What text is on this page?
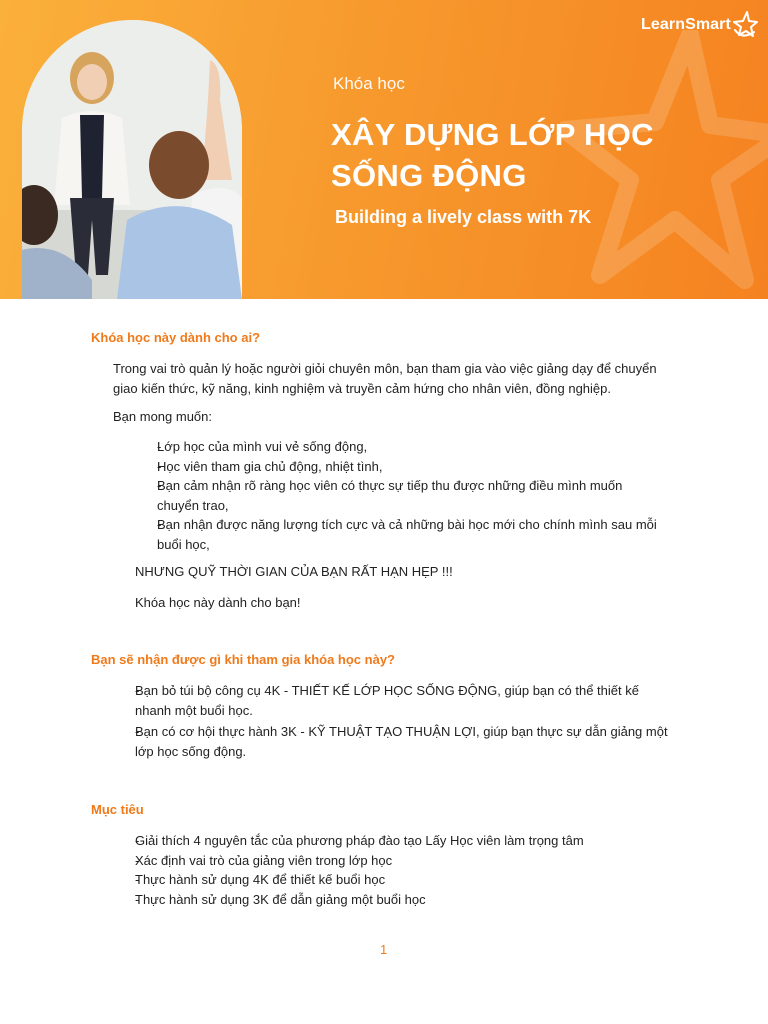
LearnSmart
Khóa học
XÂY DỰNG LỚP HỌC
SỐNG ĐỘNG
Building a lively class with 7K
Khóa học này dành cho ai?
Trong vai trò quản lý hoặc người giỏi chuyên môn, bạn tham gia vào việc giảng dạy để chuyển giao kiến thức, kỹ năng, kinh nghiệm và truyền cảm hứng cho nhân viên, đồng nghiệp.
Bạn mong muốn:
- Lớp học của mình vui vẻ sống động,
- Học viên tham gia chủ động, nhiệt tình,
- Bạn cảm nhận rõ ràng học viên có thực sự tiếp thu được những điều mình muốn chuyển trao,
- Bạn nhận được năng lượng tích cực và cả những bài học mới cho chính mình sau mỗi buổi học,
NHƯNG QUỸ THỜI GIAN CỦA BẠN RẤT HẠN HẸP !!!
Khóa học này dành cho bạn!
Bạn sẽ nhận được gì khi tham gia khóa học này?
- Bạn bỏ túi bộ công cụ 4K - THIẾT KẾ LỚP HỌC SỐNG ĐỘNG, giúp bạn có thể thiết kế nhanh một buổi học.
- Bạn có cơ hội thực hành 3K - KỸ THUẬT TẠO THUẬN LỢI, giúp bạn thực sự dẫn giảng một lớp học sống động.
Mục tiêu
- Giải thích 4 nguyên tắc của phương pháp đào tạo Lấy Học viên làm trọng tâm
- Xác định vai trò của giảng viên trong lớp học
- Thực hành sử dụng 4K để thiết kế buổi học
- Thực hành sử dụng 3K để dẫn giảng một buổi học
1
